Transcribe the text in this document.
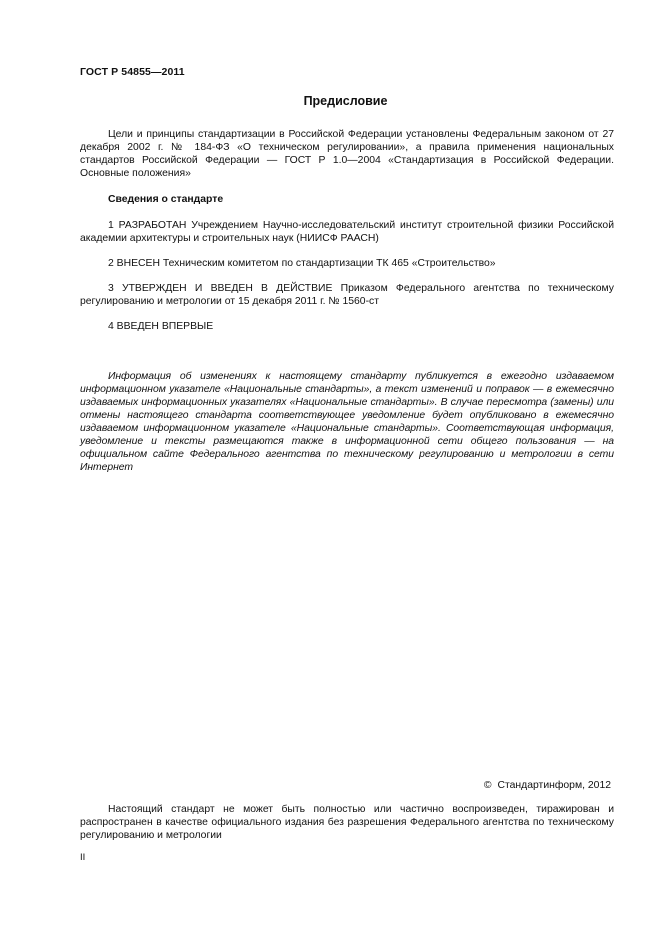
ГОСТ Р 54855—2011
Предисловие
Цели и принципы стандартизации в Российской Федерации установлены Федеральным законом от 27 декабря 2002 г. № 184-ФЗ «О техническом регулировании», а правила применения национальных стандартов Российской Федерации — ГОСТ Р 1.0—2004 «Стандартизация в Российской Федерации. Основные положения»
Сведения о стандарте
1 РАЗРАБОТАН Учреждением Научно-исследовательский институт строительной физики Российской академии архитектуры и строительных наук (НИИСФ РААСН)
2 ВНЕСЕН Техническим комитетом по стандартизации ТК 465 «Строительство»
3 УТВЕРЖДЕН И ВВЕДЕН В ДЕЙСТВИЕ Приказом Федерального агентства по техническому регулированию и метрологии от 15 декабря 2011 г. № 1560-ст
4 ВВЕДЕН ВПЕРВЫЕ
Информация об изменениях к настоящему стандарту публикуется в ежегодно издаваемом информационном указателе «Национальные стандарты», а текст изменений и поправок — в ежемесячно издаваемых информационных указателях «Национальные стандарты». В случае пересмотра (замены) или отмены настоящего стандарта соответствующее уведомление будет опубликовано в ежемесячно издаваемом информационном указателе «Национальные стандарты». Соответствующая информация, уведомление и тексты размещаются также в информационной сети общего пользования — на официальном сайте Федерального агентства по техническому регулированию и метрологии в сети Интернет
© Стандартинформ, 2012
Настоящий стандарт не может быть полностью или частично воспроизведен, тиражирован и распространен в качестве официального издания без разрешения Федерального агентства по техническому регулированию и метрологии
II
